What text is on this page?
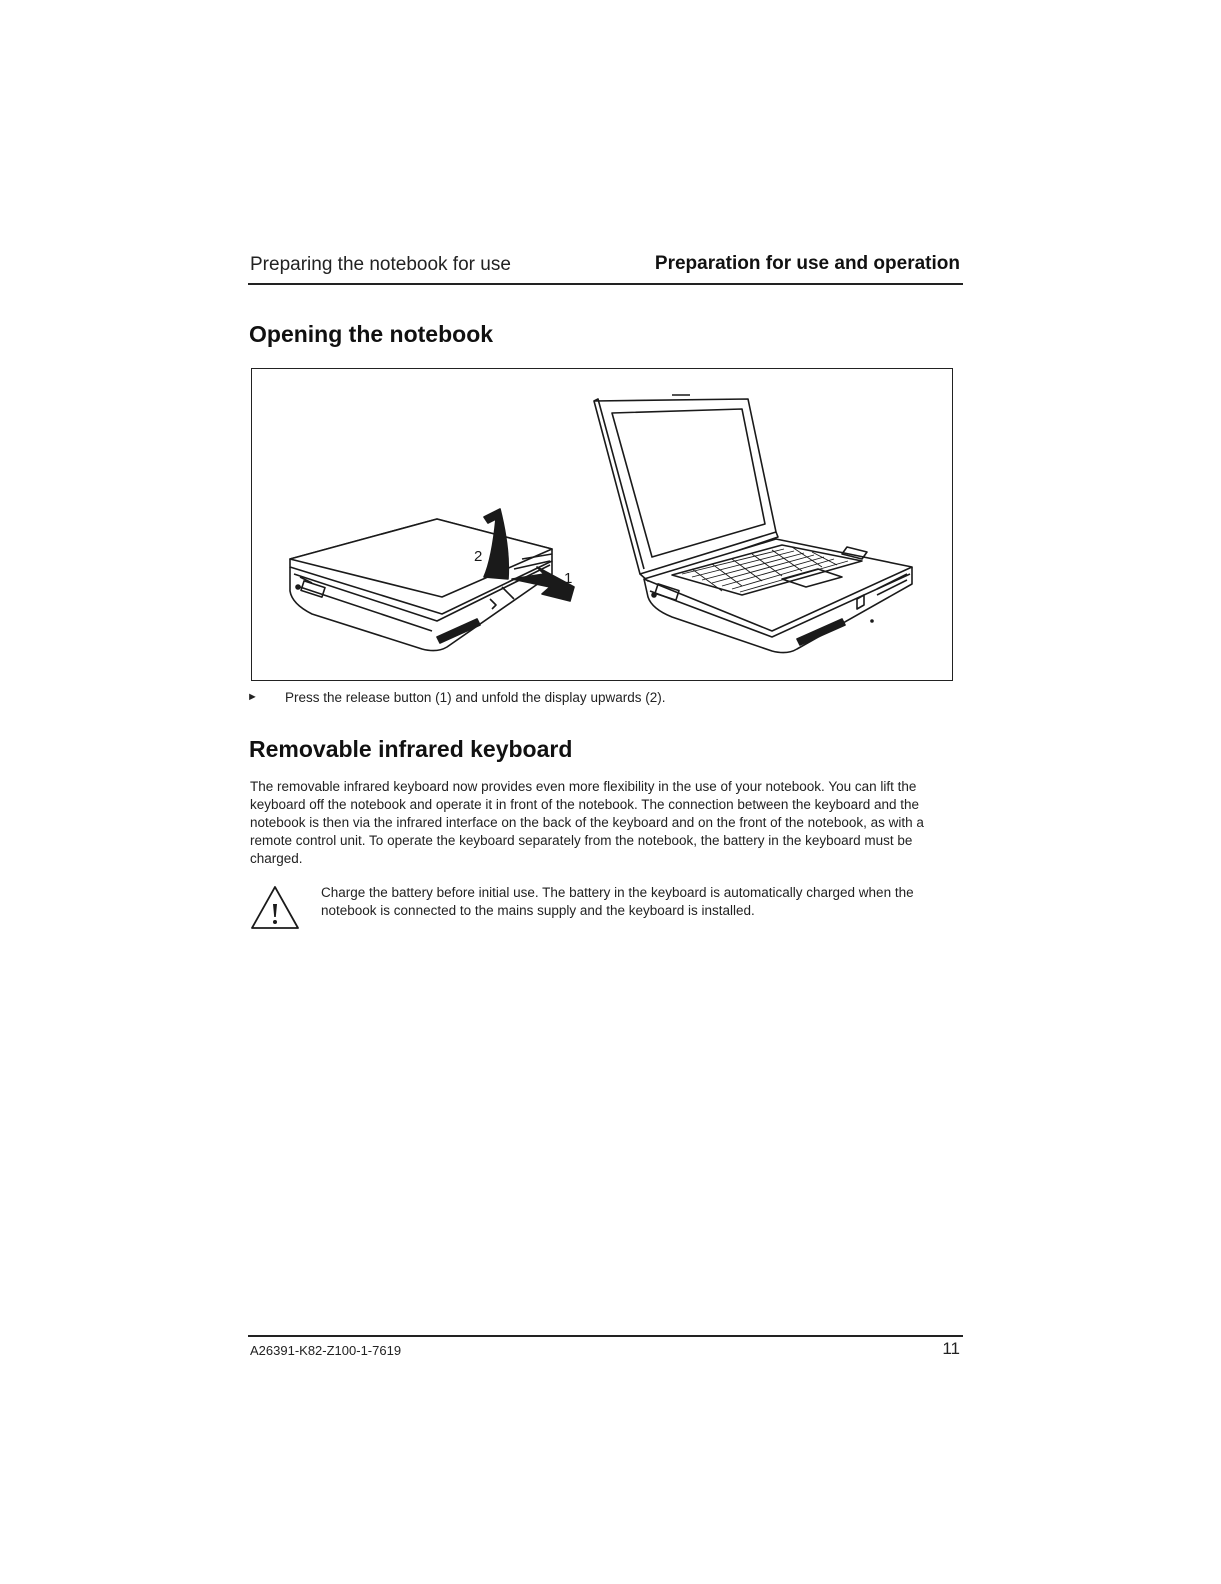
Preparing the notebook for use	Preparation for use and operation
Opening the notebook
2
1
► Press the release button (1) and unfold the display upwards (2).
Removable infrared keyboard

The removable infrared keyboard now provides even more flexibility in the use of your notebook. You can lift the keyboard off the notebook and operate it in front of the notebook. The connection between the keyboard and the notebook is then via the infrared interface on the back of the keyboard and on the front of the notebook, as with a remote control unit. To operate the keyboard separately from the notebook, the battery in the keyboard must be charged.

Charge the battery before initial use. The battery in the keyboard is automatically charged when the notebook is connected to the mains supply and the keyboard is installed.

A26391-K82-Z100-1-7619	11
